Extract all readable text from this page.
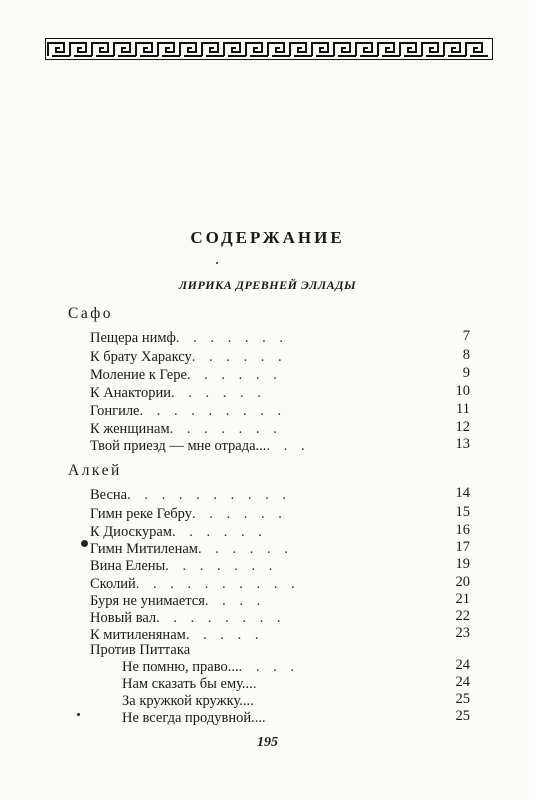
СОДЕРЖАНИЕ
ЛИРИКА ДРЕВНЕЙ ЭЛЛАДЫ
Сафо
Алкей
Пещера нимф. . . . . . .	7
К брату Хараксу. . . . . .	8
Моление к Гере. . . . . .	9
К Анактории. . . . . .	10
Гонгиле. . . . . . . . .	11
К женщинам. . . . . . .	12
Твой приезд — мне отрада.... . .	13
Весна. . . . . . . . . .	14
Гимн реке Гебру. . . . . .	15
К Диоскурам. . . . . .	16
Гимн Митиленам. . . . . .	17
Вина Елены. . . . . . .	19
Сколий. . . . . . . . . .	20
Буря не унимается. . . .	21
Новый вал. . . . . . . .	22
К митиленянам. . . . .	23
Против Питтака
Не помню, право.... . . .	24
Нам сказать бы ему....	24
За кружкой кружку....	25
Не всегда продувной....	25
195
